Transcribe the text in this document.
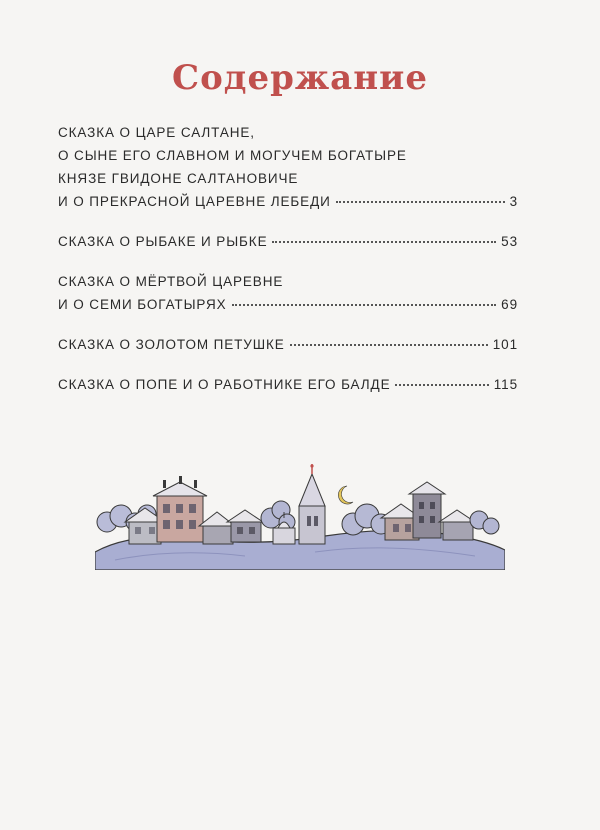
Содержание
СКАЗКА О ЦАРЕ САЛТАНЕ,
О СЫНЕ ЕГО СЛАВНОМ И МОГУЧЕМ БОГАТЫРЕ
КНЯЗЕ ГВИДОНЕ САЛТАНОВИЧЕ
И О ПРЕКРАСНОЙ ЦАРЕВНЕ ЛЕБЕДИ	3
СКАЗКА О РЫБАКЕ И РЫБКЕ	53
СКАЗКА О МЁРТВОЙ ЦАРЕВНЕ
И О СЕМИ БОГАТЫРЯХ	69
СКАЗКА О ЗОЛОТОМ ПЕТУШКЕ	101
СКАЗКА О ПОПЕ И О РАБОТНИКЕ ЕГО БАЛДЕ	115
